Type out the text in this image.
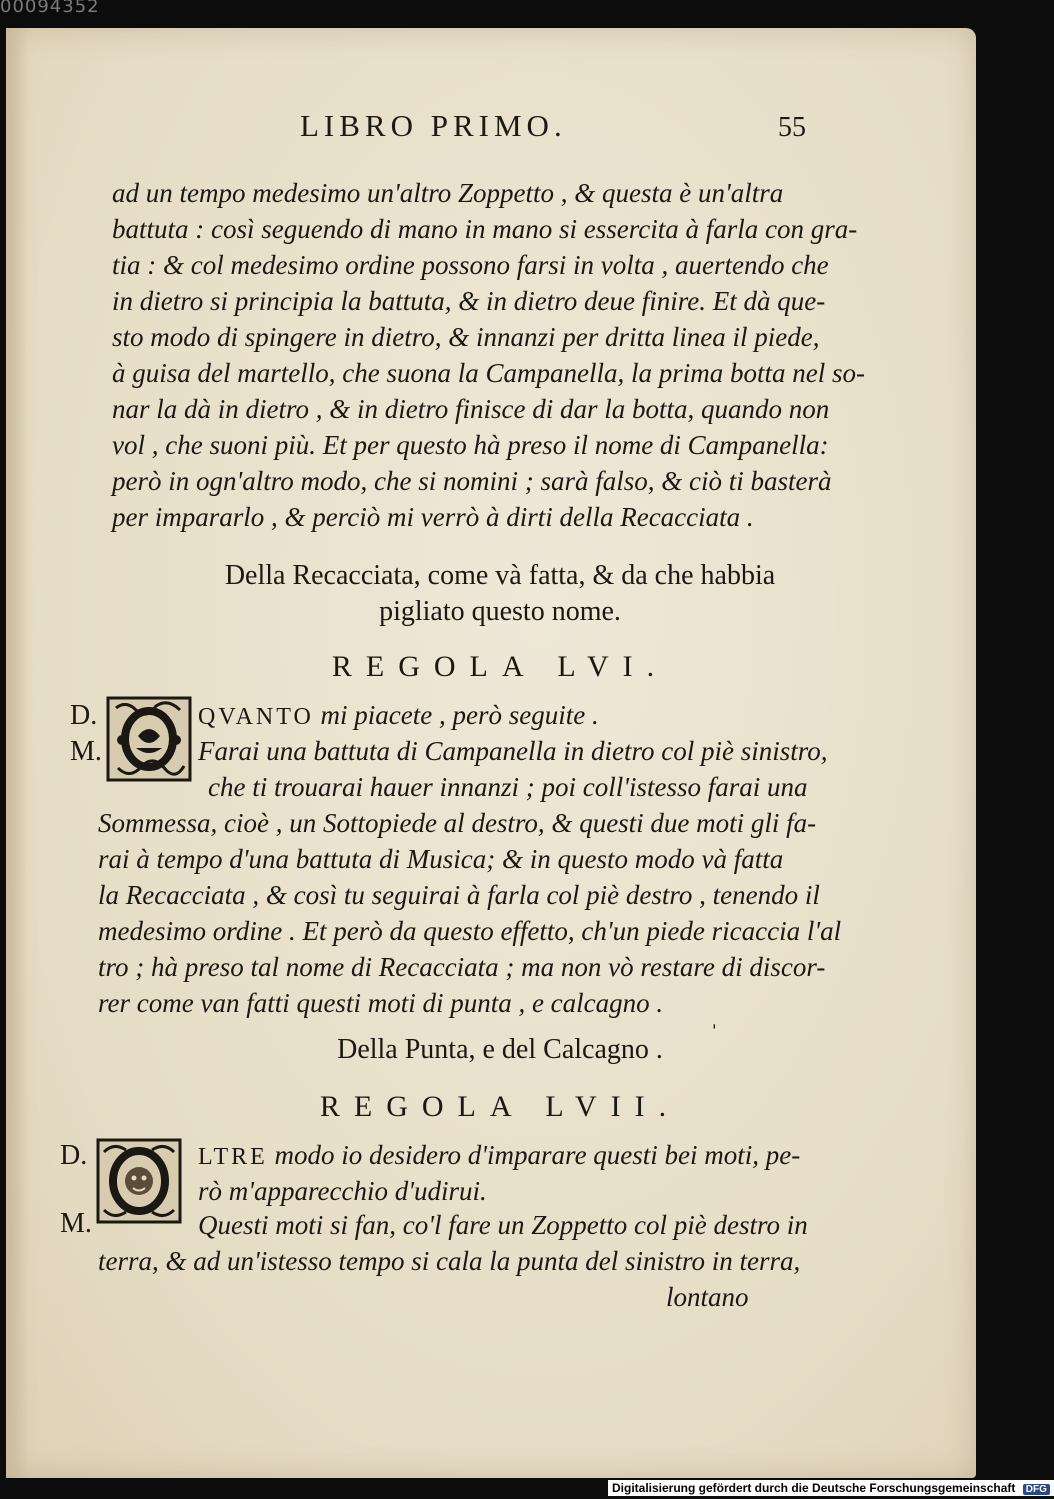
00094352
LIBRO PRIMO.	55
ad un tempo medesimo un'altro Zoppetto , & questa è un'altra
battuta : così seguendo di mano in mano si essercita à farla con gra-
tia : & col medesimo ordine possono farsi in volta , auertendo che
in dietro si principia la battuta, & in dietro deue finire. Et dà que-
sto modo di spingere in dietro, & innanzi per dritta linea il piede,
à guisa del martello, che suona la Campanella, la prima botta nel so-
nar la dà in dietro , & in dietro finisce di dar la botta, quando non
vol , che suoni più. Et per questo hà preso il nome di Campanella:
però in ogn'altro modo, che si nomini ; sarà falso, & ciò ti basterà
per impararlo , & perciò mi verrò à dirti della Recacciata .
Della Recacciata, come và fatta, & da che habbia
pigliato questo nome.
REGOLA LVI.
D.
M.
QVANTO mi piacete , però seguite .
Farai una battuta di Campanella in dietro col piè sinistro,
che ti trouarai hauer innanzi ; poi coll'istesso farai una
Sommessa, cioè , un Sottopiede al destro, & questi due moti gli fa-
rai à tempo d'una battuta di Musica; & in questo modo và fatta
la Recacciata , & così tu seguirai à farla col piè destro , tenendo il
medesimo ordine . Et però da questo effetto, ch'un piede ricaccia l'al
tro ; hà preso tal nome di Recacciata ; ma non vò restare di discor-
rer come van fatti questi moti di punta , e calcagno . ˌ
Della Punta, e del Calcagno .
REGOLA LVII.
D.
M.
LTRE modo io desidero d'imparare questi bei moti, pe-
rò m'apparecchio d'udirui.
Questi moti si fan, co'l fare un Zoppetto col piè destro in
terra, & ad un'istesso tempo si cala la punta del sinistro in terra,
lontano
Digitalisierung gefördert durch die Deutsche Forschungsgemeinschaft DFG
